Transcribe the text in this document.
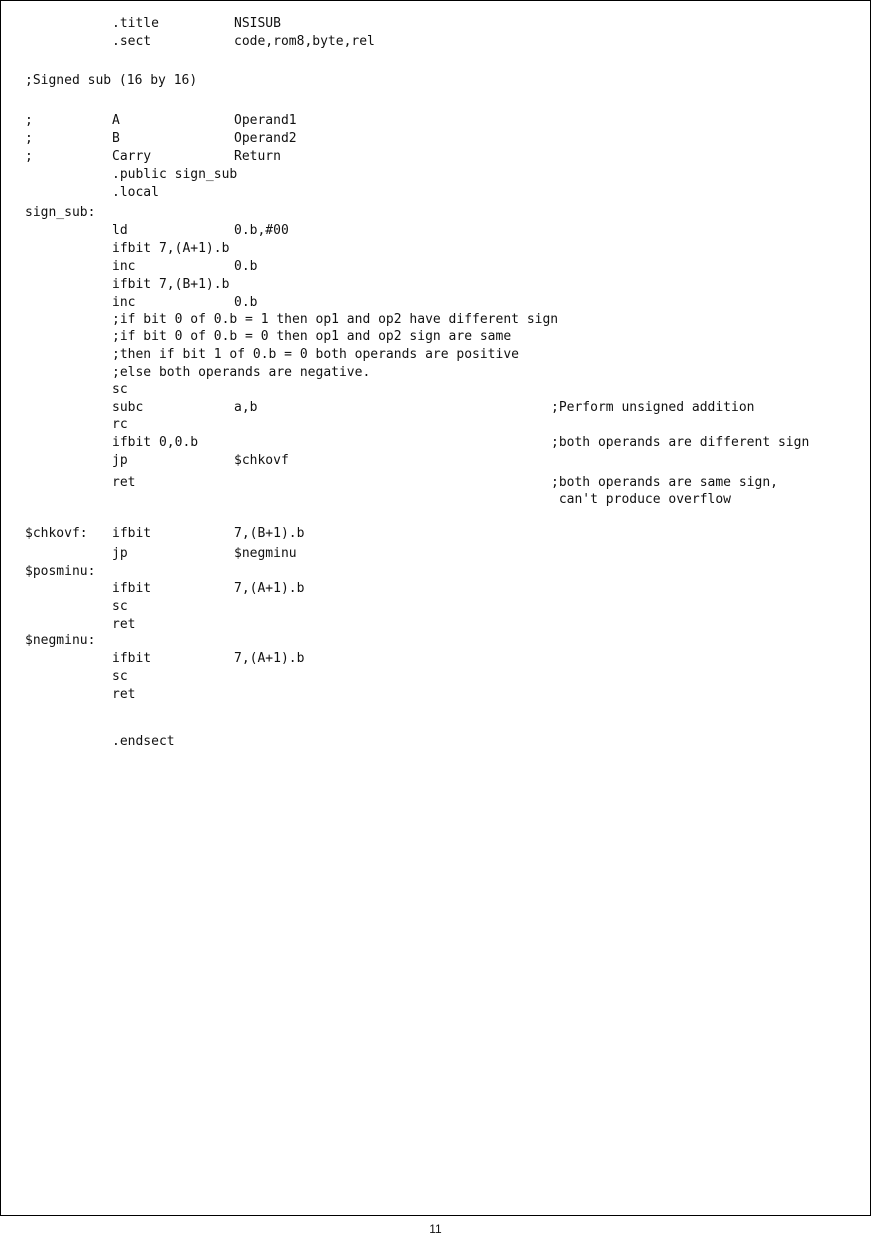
.title	NSISUB
.sect	code,rom8,byte,rel
;Signed sub (16 by 16)
;	A	Operand1
;	B	Operand2
;	Carry	Return
.public sign_sub
.local
sign_sub:
ld	0.b,#00
ifbit 7,(A+1).b
inc	0.b
ifbit 7,(B+1).b
inc	0.b
;if bit 0 of 0.b = 1 then op1 and op2 have different sign
;if bit 0 of 0.b = 0 then op1 and op2 sign are same
;then if bit 1 of 0.b = 0 both operands are positive
;else both operands are negative.
sc
subc	a,b	;Perform unsigned addition
rc
ifbit 0,0.b	;both operands are different sign
jp	$chkovf
ret	;both operands are same sign,
can't produce overflow
$chkovf: ifbit	7,(B+1).b
jp	$negminu
$posminu:
ifbit	7,(A+1).b
sc
ret
$negminu:
ifbit	7,(A+1).b
sc
ret
.endsect
11
